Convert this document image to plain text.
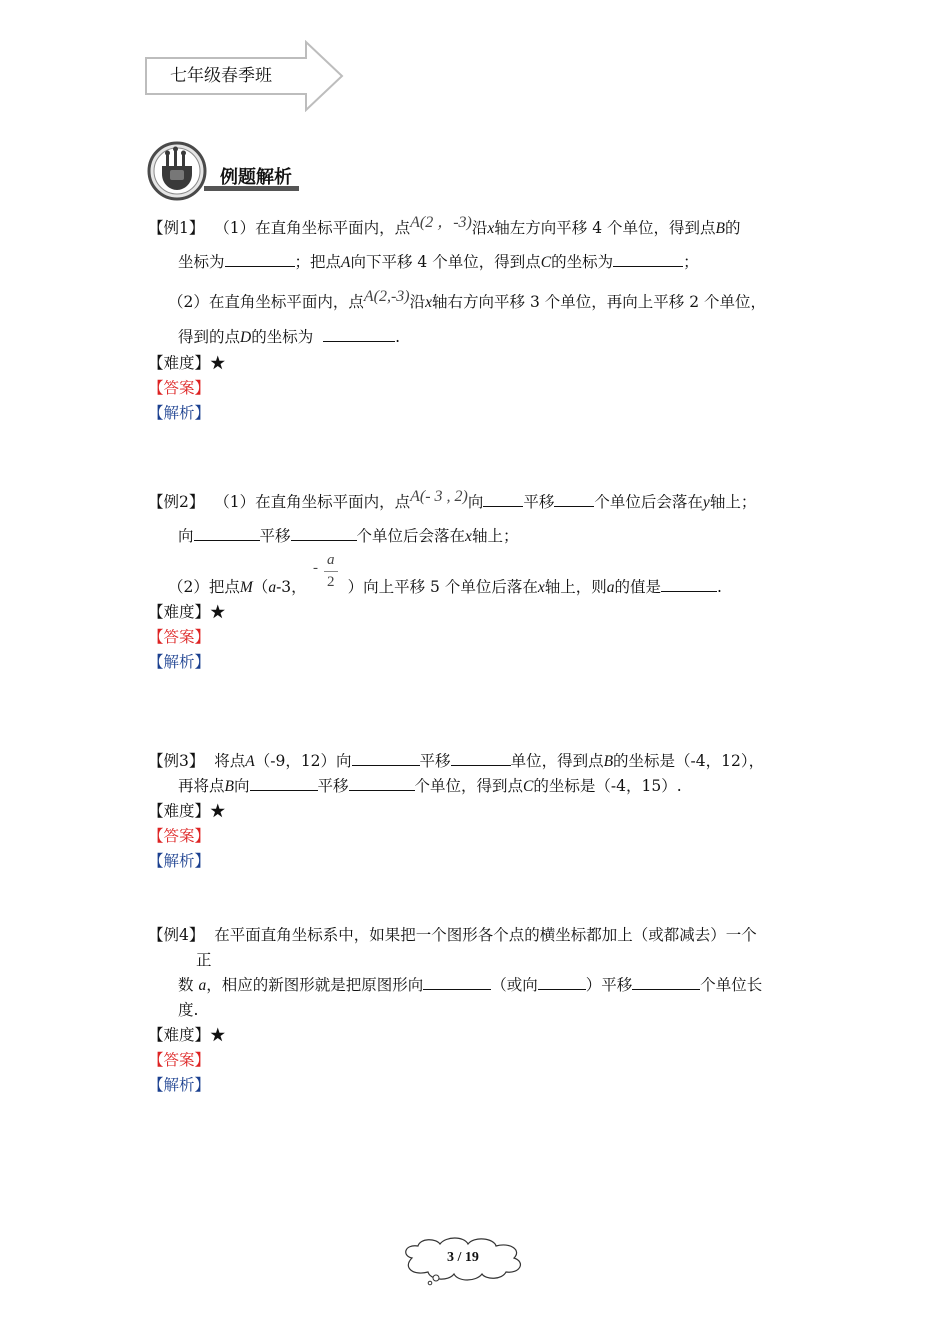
七年级春季班
例题解析
【例1】 （1）在直角坐标平面内，点A(2 ，-3)沿x轴左方向平移 4 个单位，得到点B的
坐标为	；把点A向下平移 4 个单位，得到点C的坐标为	；
（2）在直角坐标平面内，点A(2,-3)沿x轴右方向平移 3 个单位，再向上平移 2 个单位，
得到的点D的坐标为	.
【难度】★
【答案】
【解析】
【例2】 （1）在直角坐标平面内，点A(- 3 , 2)向	平移	个单位后会落在y轴上；
向	平移	个单位后会落在x轴上；
（2）把点M（a-3，	）向上平移 5 个单位后落在x轴上，则a的值是	.
- a
2
【难度】★
【答案】
【解析】
【例3】 将点A（-9，12）向	平移	单位，得到点B的坐标是（-4，12），
再将点B向	平移	个单位，得到点C的坐标是（-4，15）.
【难度】★
【答案】
【解析】
【例4】 在平面直角坐标系中，如果把一个图形各个点的横坐标都加上（或都减去）一个
正
数 a，相应的新图形就是把原图形向	（或向	）平移	个单位长
度.
【难度】★
【答案】
【解析】
3 / 19
